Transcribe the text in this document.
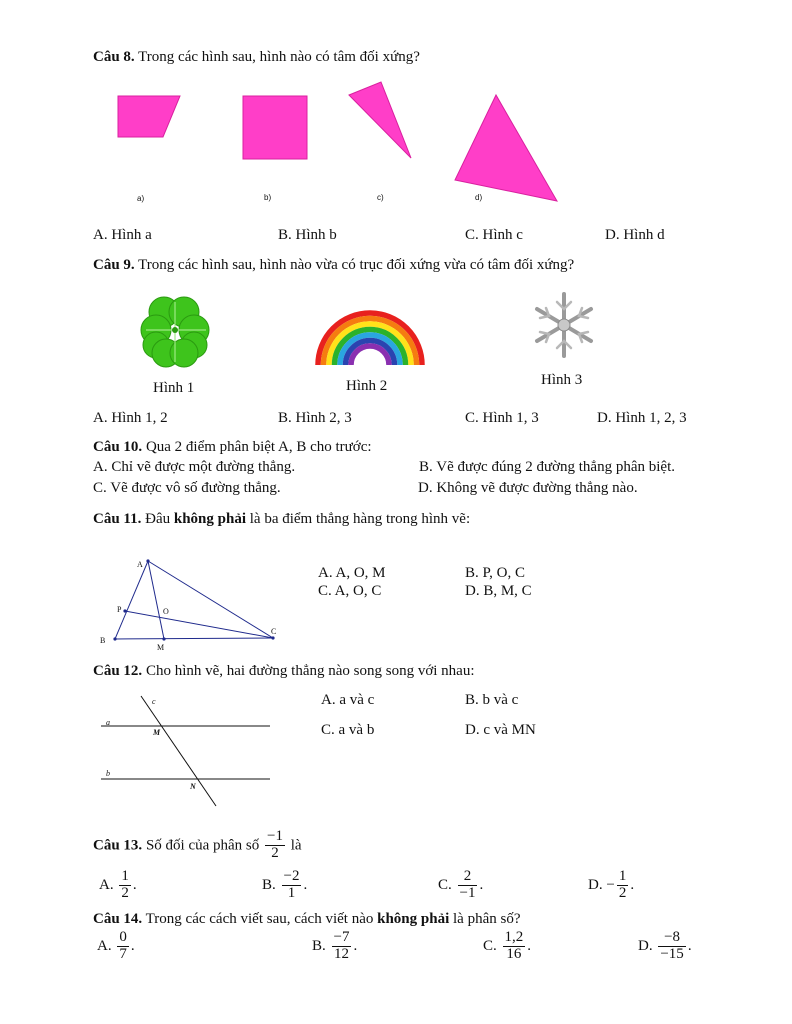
Câu 8. Trong các hình sau, hình nào có tâm đối xứng?
a)	b)	c)	d)
A. Hình a	B. Hình b	C. Hình c	D. Hình d
Câu 9. Trong các hình sau, hình nào vừa có trục đối xứng vừa có tâm đối xứng?
Hình 1	Hình 2	Hình 3
A. Hình 1, 2	B. Hình 2, 3	C. Hình 1, 3	D. Hình 1, 2, 3
Câu 10. Qua 2 điểm phân biệt A, B cho trước:
A. Chỉ vẽ được một đường thẳng.	B. Vẽ được đúng 2 đường thẳng phân biệt.
C. Vẽ được vô số đường thẳng.	D. Không vẽ được đường thẳng nào.
Câu 11. Đâu không phải là ba điểm thẳng hàng trong hình vẽ:
A
P	O
B
M
C
A. A, O, M	B. P, O, C
C. A, O, C	D. B, M, C
Câu 12. Cho hình vẽ, hai đường thẳng nào song song với nhau:
c
a
M
b
N
A. a và c	B. b và c
C. a và b	D. c và MN
Câu 13. Số đối của phân số $\frac{-1}{2}$ là
A. $\frac{1}{2}$ .	B. $\frac{-2}{1}$ .	C. $\frac{2}{-1}$ .	D. − $\frac{1}{2}$ .
Câu 14. Trong các cách viết sau, cách viết nào không phải là phân số?
A. $\frac{0}{7}$ .	B. $\frac{-7}{12}$ .	C. $\frac{1,2}{16}$ .	D. $\frac{-8}{-15}$ .
